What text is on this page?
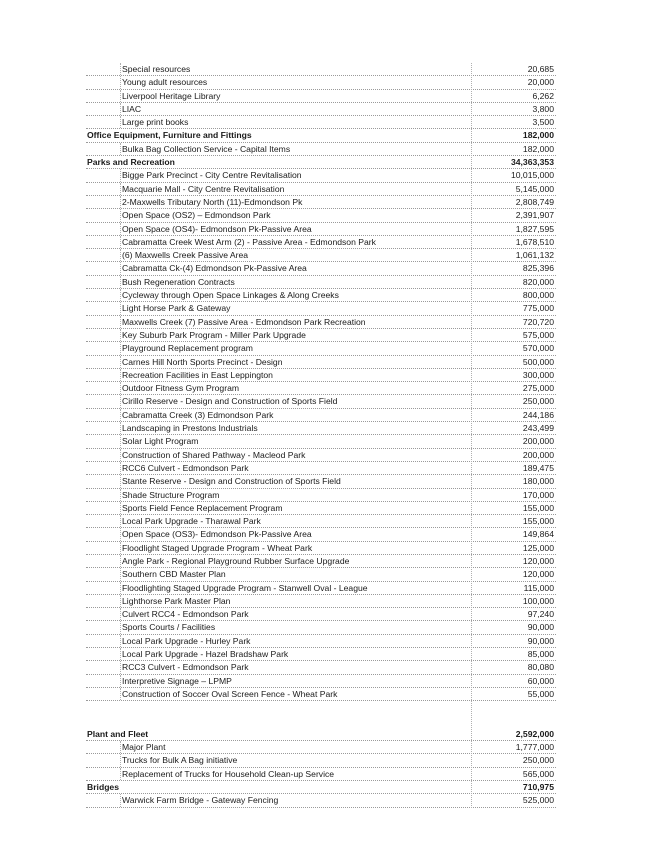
Special resources	20,685
Young adult resources	20,000
Liverpool Heritage Library	6,262
LIAC	3,800
Large print books	3,500
Office Equipment, Furniture and Fittings	182,000
Bulka Bag Collection Service - Capital Items	182,000
Parks and Recreation	34,363,353
Bigge Park Precinct - City Centre Revitalisation	10,015,000
Macquarie Mall - City Centre Revitalisation	5,145,000
2-Maxwells Tributary North (11)-Edmondson Pk	2,808,749
Open Space (OS2) – Edmondson Park	2,391,907
Open Space (OS4)- Edmondson Pk-Passive Area	1,827,595
Cabramatta Creek West Arm (2) - Passive Area - Edmondson Park	1,678,510
(6) Maxwells Creek Passive Area	1,061,132
Cabramatta Ck-(4) Edmondson Pk-Passive Area	825,396
Bush Regeneration Contracts	820,000
Cycleway through Open Space Linkages & Along Creeks	800,000
Light Horse Park & Gateway	775,000
Maxwells Creek (7) Passive Area - Edmondson Park Recreation	720,720
Key Suburb Park Program - Miller Park Upgrade	575,000
Playground Replacement program	570,000
Carnes Hill North Sports Precinct - Design	500,000
Recreation Facilities in East Leppington	300,000
Outdoor Fitness Gym Program	275,000
Cirillo Reserve - Design and Construction of Sports Field	250,000
Cabramatta Creek (3) Edmondson Park	244,186
Landscaping in Prestons Industrials	243,499
Solar Light Program	200,000
Construction of Shared Pathway - Macleod Park	200,000
RCC6 Culvert - Edmondson Park	189,475
Stante Reserve - Design and Construction of Sports Field	180,000
Shade Structure Program	170,000
Sports Field Fence Replacement Program	155,000
Local Park Upgrade - Tharawal Park	155,000
Open Space (OS3)- Edmondson Pk-Passive Area	149,864
Floodlight Staged Upgrade Program - Wheat Park	125,000
Angle Park - Regional Playground Rubber Surface Upgrade	120,000
Southern CBD Master Plan	120,000
Floodlighting Staged Upgrade Program - Stanwell Oval - League	115,000
Lighthorse Park Master Plan	100,000
Culvert RCC4 - Edmondson Park	97,240
Sports Courts / Facilities	90,000
Local Park Upgrade - Hurley Park	90,000
Local Park Upgrade - Hazel Bradshaw Park	85,000
RCC3 Culvert - Edmondson Park	80,080
Interpretive Signage – LPMP	60,000
Construction of Soccer Oval Screen Fence - Wheat Park	55,000
Plant and Fleet	2,592,000
Major Plant	1,777,000
Trucks for Bulk A Bag initiative	250,000
Replacement of Trucks for Household Clean-up Service	565,000
Bridges	710,975
Warwick Farm Bridge - Gateway Fencing	525,000
